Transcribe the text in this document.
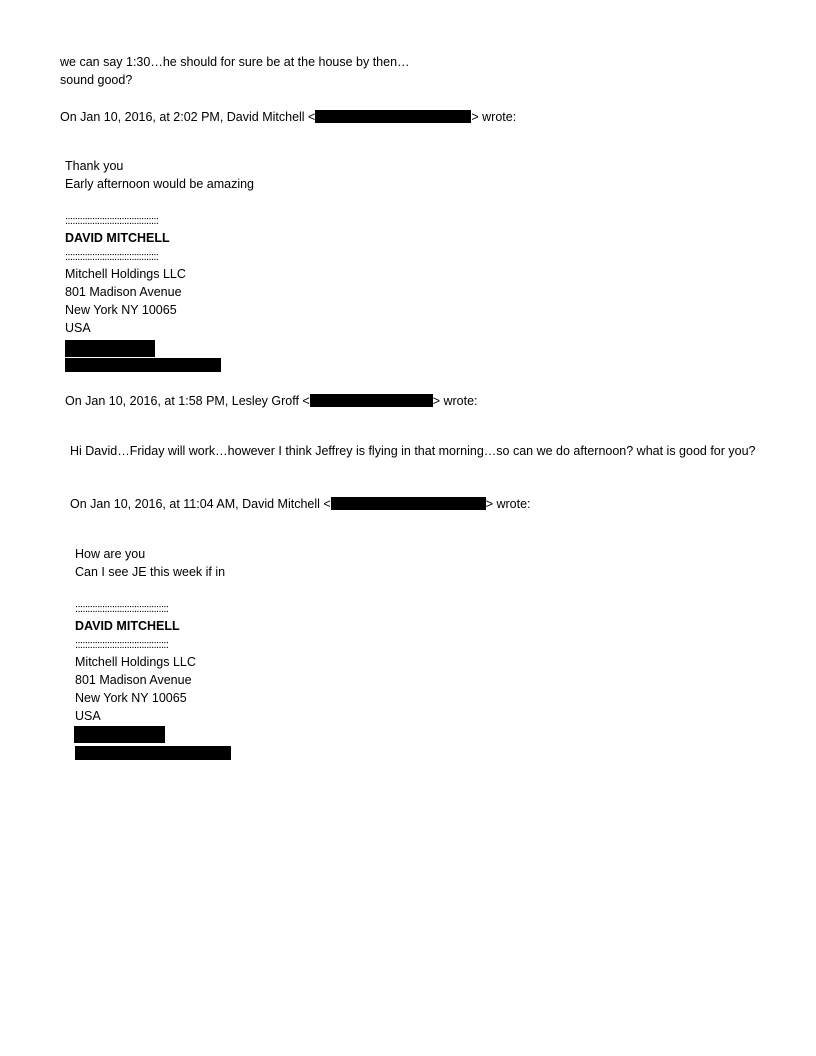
we can say 1:30…he should for sure be at the house by then…
sound good?
On Jan 10, 2016, at 2:02 PM, David Mitchell <	> wrote:
Thank you
Early afternoon would be amazing
::::::::::::::::::::::::::::::::::::::
DAVID MITCHELL
::::::::::::::::::::::::::::::::::::::
Mitchell Holdings LLC
801 Madison Avenue
New York NY 10065
USA
On Jan 10, 2016, at 1:58 PM, Lesley Groff <	> wrote:
Hi David…Friday will work…however I think Jeffrey is flying in that morning…so can we do afternoon? what is good for you?
On Jan 10, 2016, at 11:04 AM, David Mitchell <	> wrote:
How are you
Can I see JE this week if in
::::::::::::::::::::::::::::::::::::::
DAVID MITCHELL
::::::::::::::::::::::::::::::::::::::
Mitchell Holdings LLC
801 Madison Avenue
New York NY 10065
USA
